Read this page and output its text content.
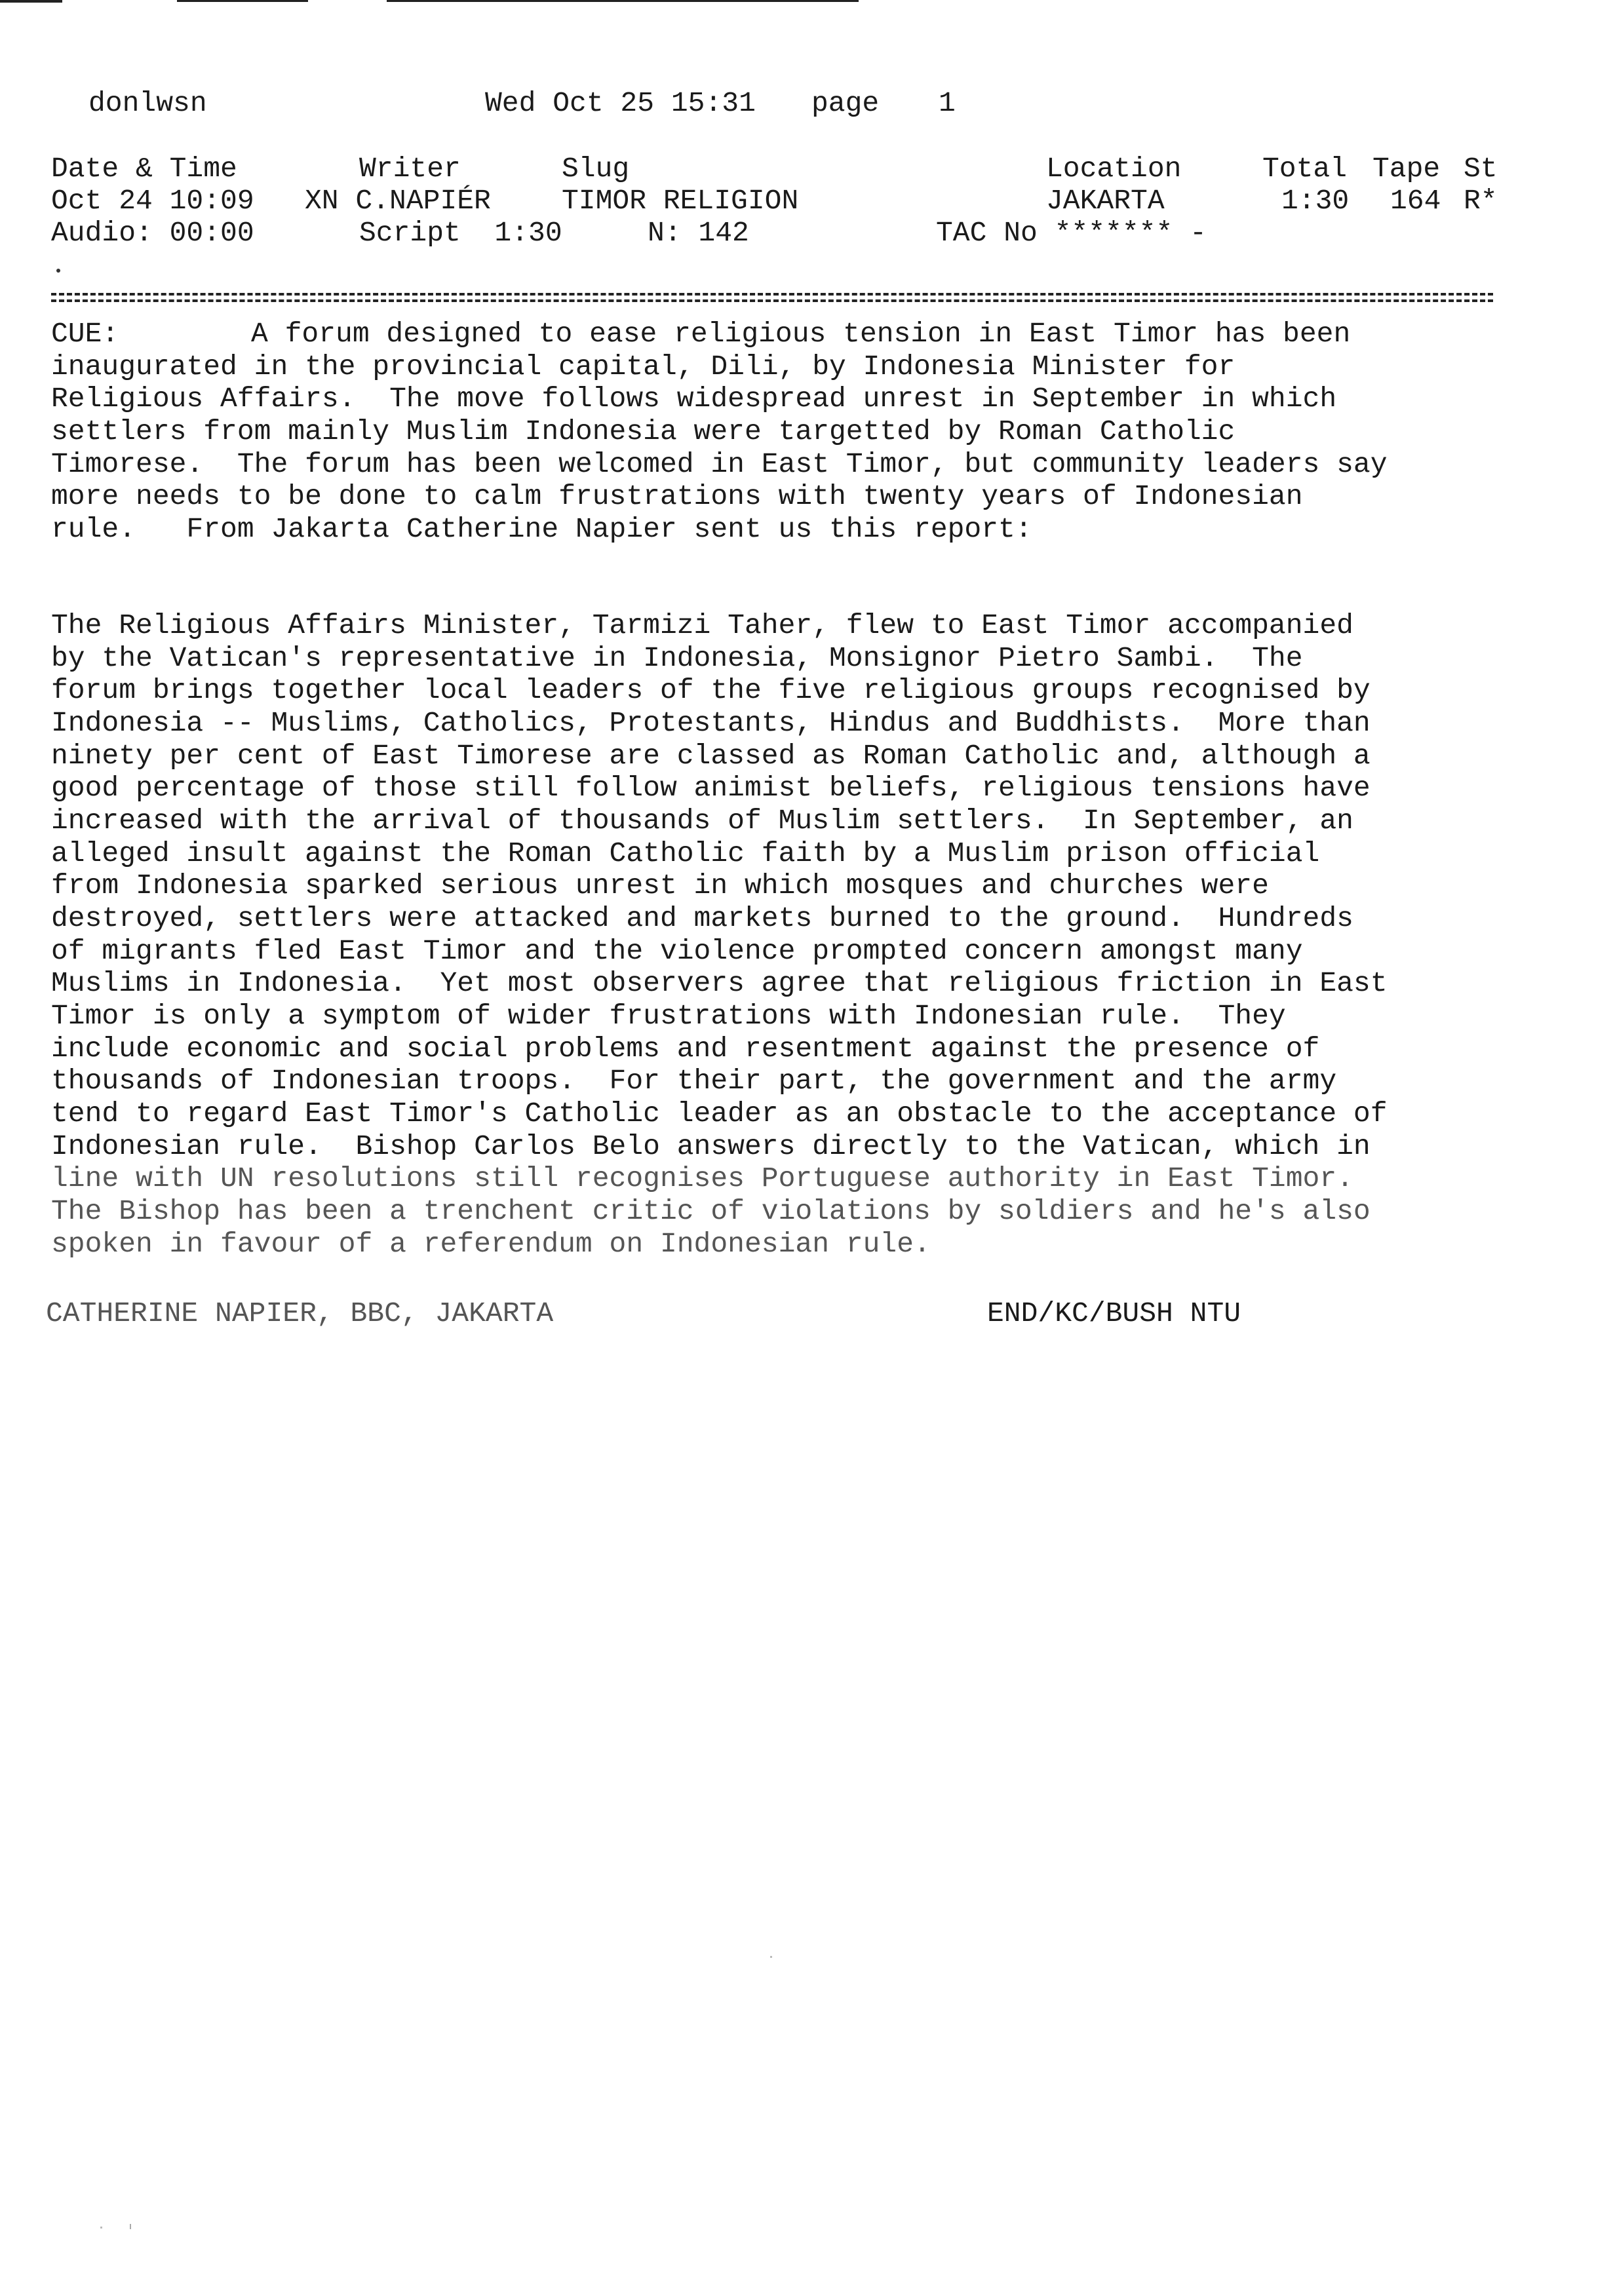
donlwsn	Wed Oct 25 15:31 page 1
Date & Time	Writer	Slug	Location	Total Tape St
Oct 24 10:09 XN C.NAPIÉR	TIMOR RELIGION	JAKARTA	1:30 164 R*
Audio: 00:00	Script  1:30	N: 142	TAC No ******* -
CUE:	A forum designed to ease religious tension in East Timor has been
inaugurated in the provincial capital, Dili, by Indonesia Minister for
Religious Affairs.  The move follows widespread unrest in September in which
settlers from mainly Muslim Indonesia were targetted by Roman Catholic
Timorese.  The forum has been welcomed in East Timor, but community leaders say
more needs to be done to calm frustrations with twenty years of Indonesian
rule.   From Jakarta Catherine Napier sent us this report:
The Religious Affairs Minister, Tarmizi Taher, flew to East Timor accompanied
by the Vatican's representative in Indonesia, Monsignor Pietro Sambi.  The
forum brings together local leaders of the five religious groups recognised by
Indonesia -- Muslims, Catholics, Protestants, Hindus and Buddhists.  More than
ninety per cent of East Timorese are classed as Roman Catholic and, although a
good percentage of those still follow animist beliefs, religious tensions have
increased with the arrival of thousands of Muslim settlers.  In September, an
alleged insult against the Roman Catholic faith by a Muslim prison official
from Indonesia sparked serious unrest in which mosques and churches were
destroyed, settlers were attacked and markets burned to the ground.  Hundreds
of migrants fled East Timor and the violence prompted concern amongst many
Muslims in Indonesia.  Yet most observers agree that religious friction in East
Timor is only a symptom of wider frustrations with Indonesian rule.  They
include economic and social problems and resentment against the presence of
thousands of Indonesian troops.  For their part, the government and the army
tend to regard East Timor's Catholic leader as an obstacle to the acceptance of
Indonesian rule.  Bishop Carlos Belo answers directly to the Vatican, which in
line with UN resolutions still recognises Portuguese authority in East Timor.
The Bishop has been a trenchent critic of violations by soldiers and he's also
spoken in favour of a referendum on Indonesian rule.
CATHERINE NAPIER, BBC, JAKARTA	END/KC/BUSH NTU
